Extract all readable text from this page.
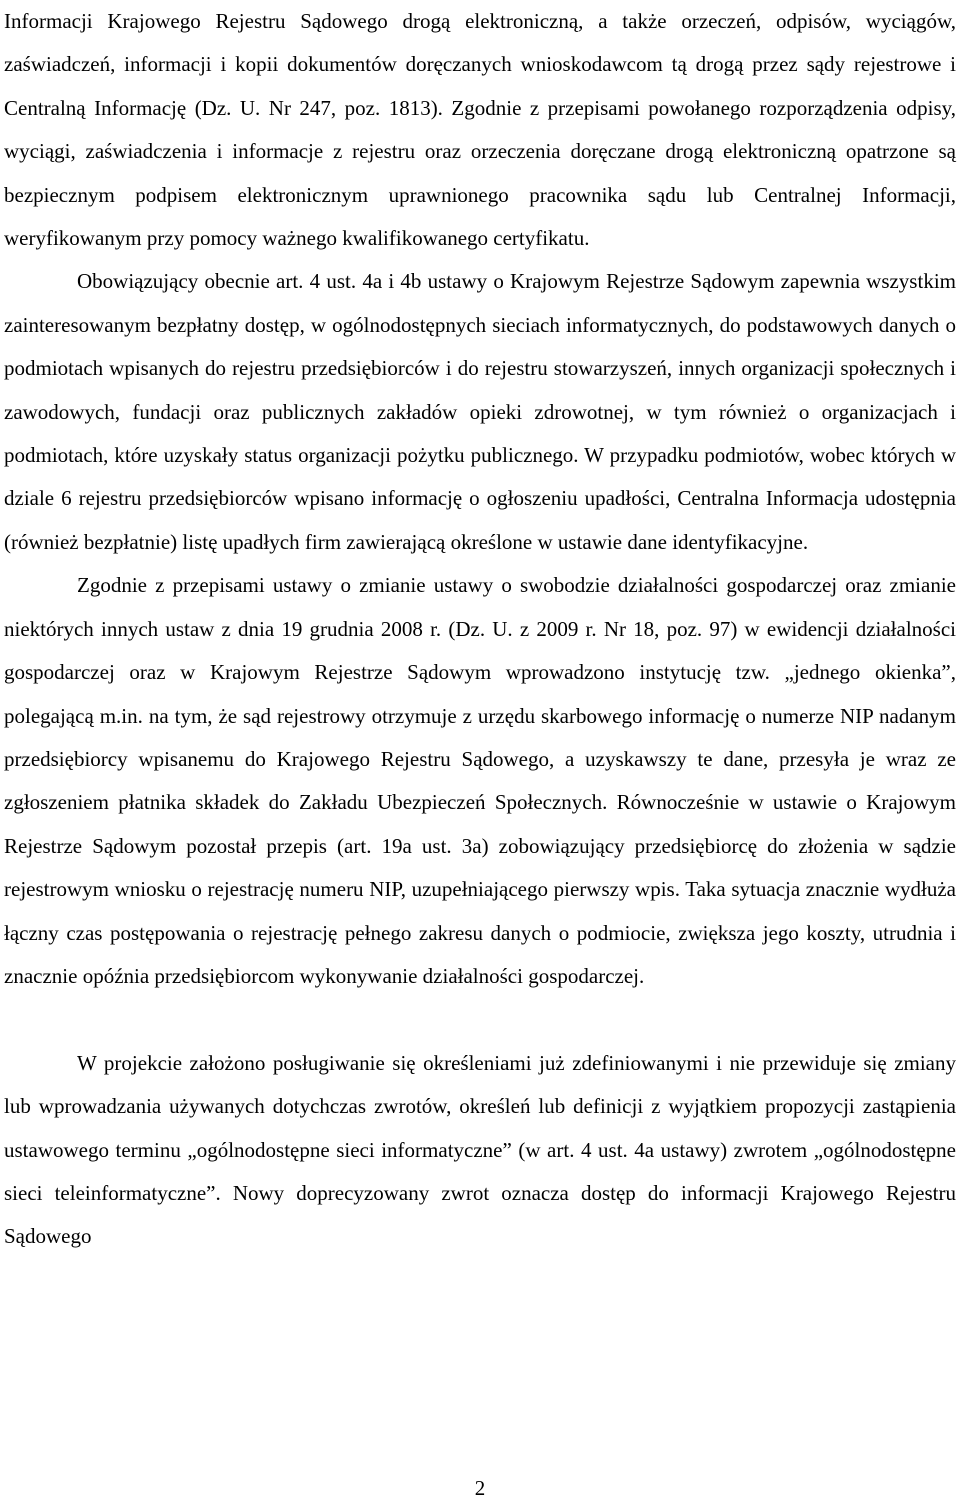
Informacji Krajowego Rejestru Sądowego drogą elektroniczną, a także orzeczeń, odpisów, wyciągów, zaświadczeń, informacji i kopii dokumentów doręczanych wnioskodawcom tą drogą przez sądy rejestrowe i Centralną Informację (Dz. U. Nr 247, poz. 1813). Zgodnie z przepisami powołanego rozporządzenia odpisy, wyciągi, zaświadczenia i informacje z rejestru oraz orzeczenia doręczane drogą elektroniczną opatrzone są bezpiecznym podpisem elektronicznym uprawnionego pracownika sądu lub Centralnej Informacji, weryfikowanym przy pomocy ważnego kwalifikowanego certyfikatu.

Obowiązujący obecnie art. 4 ust. 4a i 4b ustawy o Krajowym Rejestrze Sądowym zapewnia wszystkim zainteresowanym bezpłatny dostęp, w ogólnodostępnych sieciach informatycznych, do podstawowych danych o podmiotach wpisanych do rejestru przedsiębiorców i do rejestru stowarzyszeń, innych organizacji społecznych i zawodowych, fundacji oraz publicznych zakładów opieki zdrowotnej, w tym również o organizacjach i podmiotach, które uzyskały status organizacji pożytku publicznego. W przypadku podmiotów, wobec których w dziale 6 rejestru przedsiębiorców wpisano informację o ogłoszeniu upadłości, Centralna Informacja udostępnia (również bezpłatnie) listę upadłych firm zawierającą określone w ustawie dane identyfikacyjne.

Zgodnie z przepisami ustawy o zmianie ustawy o swobodzie działalności gospodarczej oraz zmianie niektórych innych ustaw z dnia 19 grudnia 2008 r. (Dz. U. z 2009 r. Nr 18, poz. 97) w ewidencji działalności gospodarczej oraz w Krajowym Rejestrze Sądowym wprowadzono instytucję tzw. „jednego okienka”, polegającą m.in. na tym, że sąd rejestrowy otrzymuje z urzędu skarbowego informację o numerze NIP nadanym przedsiębiorcy wpisanemu do Krajowego Rejestru Sądowego, a uzyskawszy te dane, przesyła je wraz ze zgłoszeniem płatnika składek do Zakładu Ubezpieczeń Społecznych. Równocześnie w ustawie o Krajowym Rejestrze Sądowym pozostał przepis (art. 19a ust. 3a) zobowiązujący przedsiębiorcę do złożenia w sądzie rejestrowym wniosku o rejestrację numeru NIP, uzupełniającego pierwszy wpis. Taka sytuacja znacznie wydłuża łączny czas postępowania o rejestrację pełnego zakresu danych o podmiocie, zwiększa jego koszty, utrudnia i znacznie opóźnia przedsiębiorcom wykonywanie działalności gospodarczej.

W projekcie założono posługiwanie się określeniami już zdefiniowanymi i nie przewiduje się zmiany lub wprowadzania używanych dotychczas zwrotów, określeń lub definicji z wyjątkiem propozycji zastąpienia ustawowego terminu „ogólnodostępne sieci informatyczne” (w art. 4 ust. 4a ustawy) zwrotem „ogólnodostępne sieci teleinformatyczne”. Nowy doprecyzowany zwrot oznacza dostęp do informacji Krajowego Rejestru Sądowego

2
